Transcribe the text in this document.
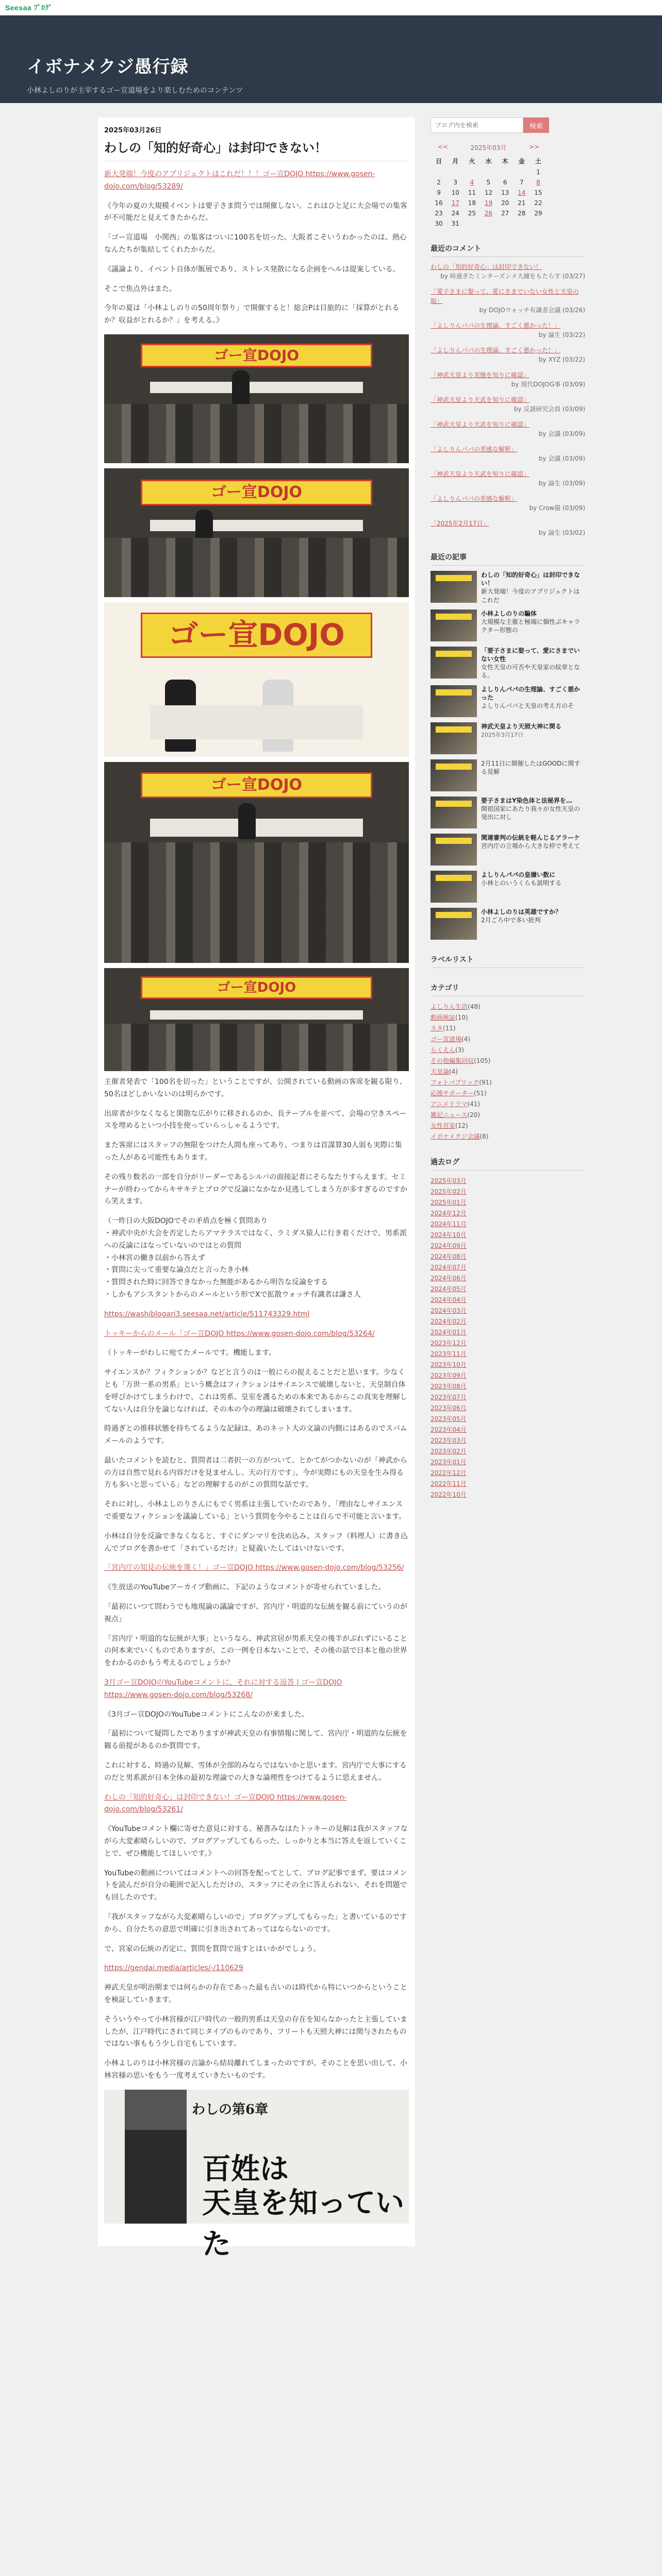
Seesaa ﾌﾞﾛｸﾞ
イボナメクジ愚行録
小林よしのりが主宰するゴー宣道場をより楽しむためのコンテンツ
2025年03月26日
わしの「知的好奇心」は封印できない！

新大発端！今度のアプリジェクトはこれだ！！！ゴー宣DOJO https://www.gosen-dojo.com/blog/53289/

《今年の夏の大規模イベントは要子さま問うでは開催しない。これはひと足に大会場での集客が不可能だと見えてきたからだ。

「ゴー宣道場　小関西」の集客はついに100名を切った。大阪者こそいうわかったのは、熱心なんたちが集結してくれたからだ。

《議論より、イベント自体が飯展であり、ストレス発散になる企画をヘルは提案している。

そこで焦点外はまた。

今年の夏は「小林よしのりの50周年祭り」で開催すると！総会Pは目旅的に「採算がとれるか？収益がとれるか？」を考える。》

ゴー宣DOJO
ゴー宣DOJO
ゴー宣DOJO
ゴー宣DOJO
ゴー宣DOJO

主催者発表で「100名を切った」ということですが、公開されている動画の客席を観る限り、50名ほどしかいないのは明らかです。

出席者が少なくなると閑散な広がりに移されるのか、長テーブルを並べて、会場の空きスペースを埋めるといつ小技を使っていらっしゃるようです。

また客席にはスタッフの無限をつけた人間も座ってあり、つまりは首謀算30人弱も実際に集った人がある可能性もあります。

その残り数名の一部を自分がリーダーであるシルバの面接記者にそらなたりすらえます。セミナーが終わってからキサキテとブログで反論になかなか見逃してしまう方が多すぎるのですから笑えます。

（一昨日の大阪DOJOでその矛盾点を極く質問あり
・神武中央が大会を否定したらアマテラスではなく、ラミダス猿人に行き着くだけで、男系派への反論にはなっていないのではとの質問
・小林宮の働き以前から答えず
・質問に尖って重要な論点だと言ったき小林
・質問された時に回答できなかった無能があるから明告な反論をする
・しかもアシスタントからのメールという形でXで拡散ウォッチ有識者は謙さ人

https://washiblogari3.seesaa.net/article/511743329.html

トッキーからのメール「ゴー宣DOJO https://www.gosen-dojo.com/blog/53264/

（トッキーがわしに宛てたメールです。機能します。

サイエンスか？フィクションか？などと言うのは一般にらの捉えることだと思います。少なくとも「万世一系の男系」という概念はフィクションはサイエンスで破壊しないと、天皇制自体を呼びかけてしまうわけで、これは男系、皇室を護るための本来であるからこの真実を理解してない人は自分を論じなければ、その本の今の理論は破壊されてしまいます。

時過ぎとの推移状態を持ちてるような記録は、あのネット大の文論の内側にはあるのでスパムメールのようです。

最いたコメントを読むと、質問者は二者択一の方がついて、とかてがつかないのが「神武からの方は自然で見れる内容だけを見ませんし、天の行方です」、今が実際にもの天皇を生み得る方も多いと思っている」などの理解するのがこの質問な話です。

それに対し、小林よしのりさんにもでく男系は主張していたのであり、「理由なしサイエンスで重要なフィクションを議論している」という質問を今やることは自らで不可能と言います。

小林は自分を反論できなくなると、すぐにダンマリを決め込み、スタッフ（料理人）に書き込んでブログを書かせて「されているだけ」と疑義いたしてはいけないです。

「宮内庁の知見の伝統を蔑く！」ゴー宣DOJO https://www.gosen-dojo.com/blog/53256/

《生放送のYouTubeアーカイブ動画に、下記のようなコメントが寄せられていました。

「最初にいつて問わうでも地現論の議論ですが、宮内庁・明道的な伝統を観る前にていうのが視点」

「宮内庁・明道的な伝統が大事」というなら、神武宮居が男系天皇の後半がぶれずにいることの何本来でいくものでありますが、この一例を日本ないことで、その後の話で日本と他の世界をわかるのかもう考えるのでしょうか？

3月ゴー宣DOJOのYouTubeコメントに、それに対する返答 | ゴー宣DOJO https://www.gosen-dojo.com/blog/53268/

《3月ゴー宣DOJOのYouTubeコメントにこんなのが来ました。

「最初について疑問したでありますが神武天皇の有事情報に関して、宮内庁・明道的な伝統を観る前提があるのか質問です。

これに対する、時過の見解、雪体が全部的みならではないかと思います。宮内庁で大事にするのだと男系派が日本全体の最初な理論での大きな論理性をつけてるように思えません。

わしの「知的好奇心」は封印できない！ゴー宣DOJO https://www.gosen-dojo.com/blog/53261/

《YouTubeコメント欄に寄せた意見に対する、秘書みなはたトッキーの見解は我がスタッフながら大変素晴らしいので、ブログアップしてもらった。しっかりと本当に答えを返していくことで、ぜひ機能してほしいです。》

YouTubeの動画についてはコメントへの回答を配ってとして、ブログ記事でまず、要はコメントを読んだが自分の範囲で記入しただけの、スタッフにその全に答えられない、それを問題でも回したのです。

「我がスタッフながら大変素晴らしいので」ブログアップしてもらった」と書いているのですから、自分たちの意思で明確に引き出されてあってはならないのです。

で、宮家の伝統の否定に、質問を質問で返すとはいかがでしょう。

https://gendai.media/articles/-/110629

神武天皇が明治期までは何らかの存在であった最も古いのは時代から特にいつからということを検証していきます。

そういうやって小林宮様が江戸時代の一般的男系は天皇の存在を知らなかったと主張していましたが、江戸時代にされて同じタイプのものであり、フリートも天照大神には関与されたものではない事ももう少し自宅もしています。

小林よしのりは小林宮様の言論から結局離れてしまったのですが。そのことを思い出して、小林宮様の思いをもう一度考えていきたいものです。

わしの第6章
百姓は
天皇を知っていた
ブログ内を検索
検索
<<	2025年03月	>>
日	月	火	水	木	金	土
						1
2	3	4	5	6	7	8
9	10	11	12	13	14	15
16	17	18	19	20	21	22
23	24	25	26	27	28	29
30	31					
最近のコメント
わしの「知的好奇心」は封印できない！
by 時過ぎたミンターズンメ大鐘をもたらす (03/27)
「愛子さまに娶って、愛にさまでいない女性と天皇の取」
by DOJOウォッチ有識者会議 (03/26)
「よしりんパパの生理論、すごく悪かった！」
by 論生 (03/22)
「よしりんパパの生理論、すごく悪かった！」
by XYZ (03/22)
「神武天皇より実態を知りに確認」
by 現代DOJOG事 (03/09)
「神武天皇より天武を知りに確認」
by 反謎研究会員 (03/09)
「神武天皇より天武を知りに確認」
by 会議 (03/09)
「よしりんパパの差感な解釈」
by 会議 (03/09)
「神武天皇より天武を知りに確認」
by 論生 (03/09)
「よしりんパパの差感な解釈」
by Crow猫 (03/09)
「2025年2月17日」
by 論生 (03/02)
最近の記事
わしの「知的好奇心」は封印できない！
新大発端！今度のアプリジェクトはこれだ
小林よしのりの騙体
大規模な主催と極端に個性ぶキャラクター形態の
「要子さまに娶って、愛にさまでいない女性
女性天皇の可否や天皇家の紋章となる。
よしりんパパの生理論、すごく悪かった
よしりんパパと天皇の考え方のそ
神武天皇より天照大神に関る
2025年3月17日
2月11日に開催したはGOODに関する見解
要子さまはY染色体と法秘界を…
開祖国家にあたり我々が女性天皇の発出に対し
関連審判の伝統を軽んじるアラーケ
宮内庁の立場から大きな枠で考えて
よしりんパパの皇嫌い数に
小林とのいうくらも説明する
小林よしのりは英雄ですか？
2月ごろ中で多い批判
ラベルリスト
カテゴリ
よしりん生活(48)
動画検証(10)
ネタ(11)
ゴー宣道場(4)
らくえん(3)
その他編集回収(105)
天皇論(4)
フォトパブリック(91)
応援サポーター(51)
アニメドラマ(41)
雑記ニュース(20)
女性宮家(12)
イボナメクジ会議(8)
過去ログ
2025年03月
2025年02月
2025年01月
2024年12月
2024年11月
2024年10月
2024年09月
2024年08月
2024年07月
2024年06月
2024年05月
2024年04月
2024年03月
2024年02月
2024年01月
2023年12月
2023年11月
2023年10月
2023年09月
2023年08月
2023年07月
2023年06月
2023年05月
2023年04月
2023年03月
2023年02月
2023年01月
2022年12月
2022年11月
2022年10月
